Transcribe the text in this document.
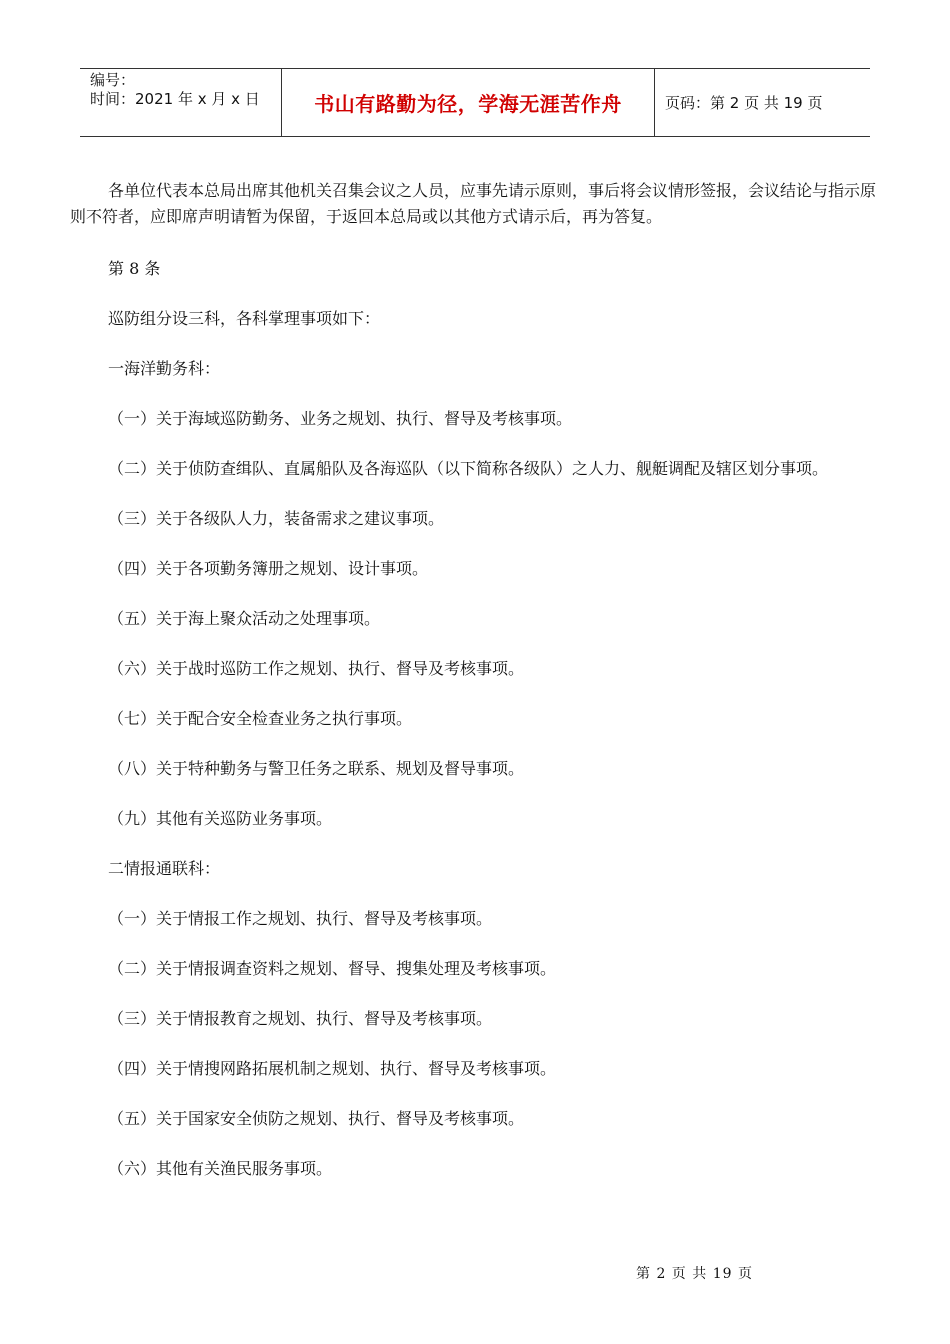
编号：
时间：2021 年 x 月 x 日	书山有路勤为径，学海无涯苦作舟	页码：第 2 页 共 19 页

各单位代表本总局出席其他机关召集会议之人员，应事先请示原则，事后将会议情形签报，会议结论与指示原则不符者，应即席声明请暂为保留，于返回本总局或以其他方式请示后，再为答复。

第 8 条

巡防组分设三科，各科掌理事项如下：

一海洋勤务科：

（一）关于海域巡防勤务、业务之规划、执行、督导及考核事项。

（二）关于侦防查缉队、直属船队及各海巡队（以下简称各级队）之人力、舰艇调配及辖区划分事项。

（三）关于各级队人力，装备需求之建议事项。

（四）关于各项勤务簿册之规划、设计事项。

（五）关于海上聚众活动之处理事项。

（六）关于战时巡防工作之规划、执行、督导及考核事项。

（七）关于配合安全检查业务之执行事项。

（八）关于特种勤务与警卫任务之联系、规划及督导事项。

（九）其他有关巡防业务事项。

二情报通联科：

（一）关于情报工作之规划、执行、督导及考核事项。

（二）关于情报调查资料之规划、督导、搜集处理及考核事项。

（三）关于情报教育之规划、执行、督导及考核事项。

（四）关于情搜网路拓展机制之规划、执行、督导及考核事项。

（五）关于国家安全侦防之规划、执行、督导及考核事项。

（六）其他有关渔民服务事项。

第 2 页 共 19 页
